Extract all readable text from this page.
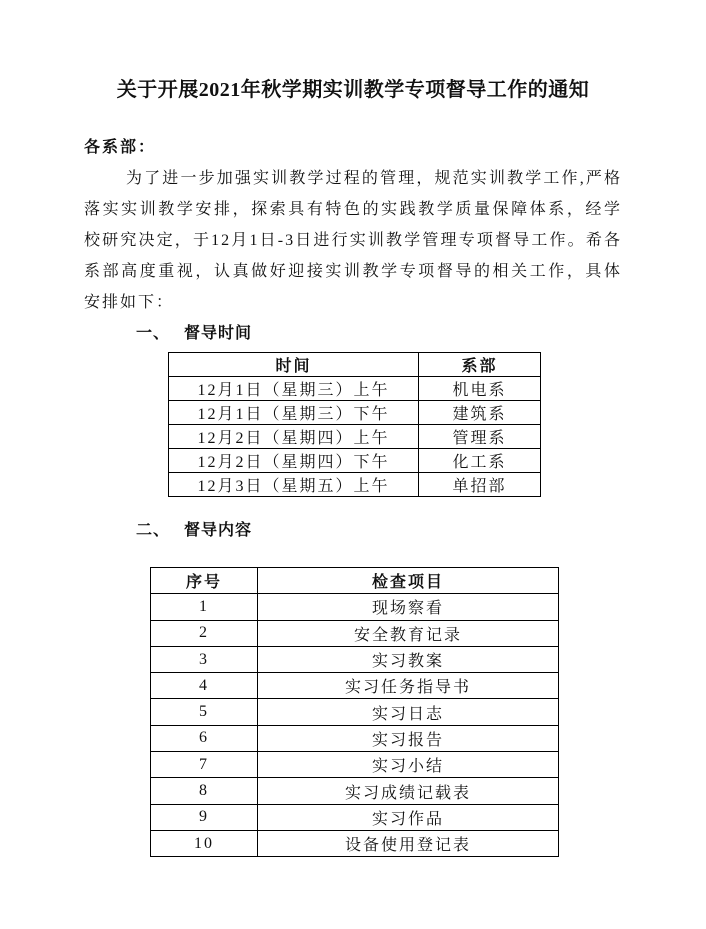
关于开展2021年秋学期实训教学专项督导工作的通知

各系部：

为了进一步加强实训教学过程的管理，规范实训教学工作,严格落实实训教学安排，探索具有特色的实践教学质量保障体系，经学校研究决定，于12月1日-3日进行实训教学管理专项督导工作。希各系部高度重视，认真做好迎接实训教学专项督导的相关工作，具体安排如下：

一、 督导时间
时间	系部
12月1日（星期三）上午	机电系
12月1日（星期三）下午	建筑系
12月2日（星期四）上午	管理系
12月2日（星期四）下午	化工系
12月3日（星期五）上午	单招部
二、 督导内容
序号	检查项目
1	现场察看
2	安全教育记录
3	实习教案
4	实习任务指导书
5	实习日志
6	实习报告
7	实习小结
8	实习成绩记载表
9	实习作品
10	设备使用登记表
